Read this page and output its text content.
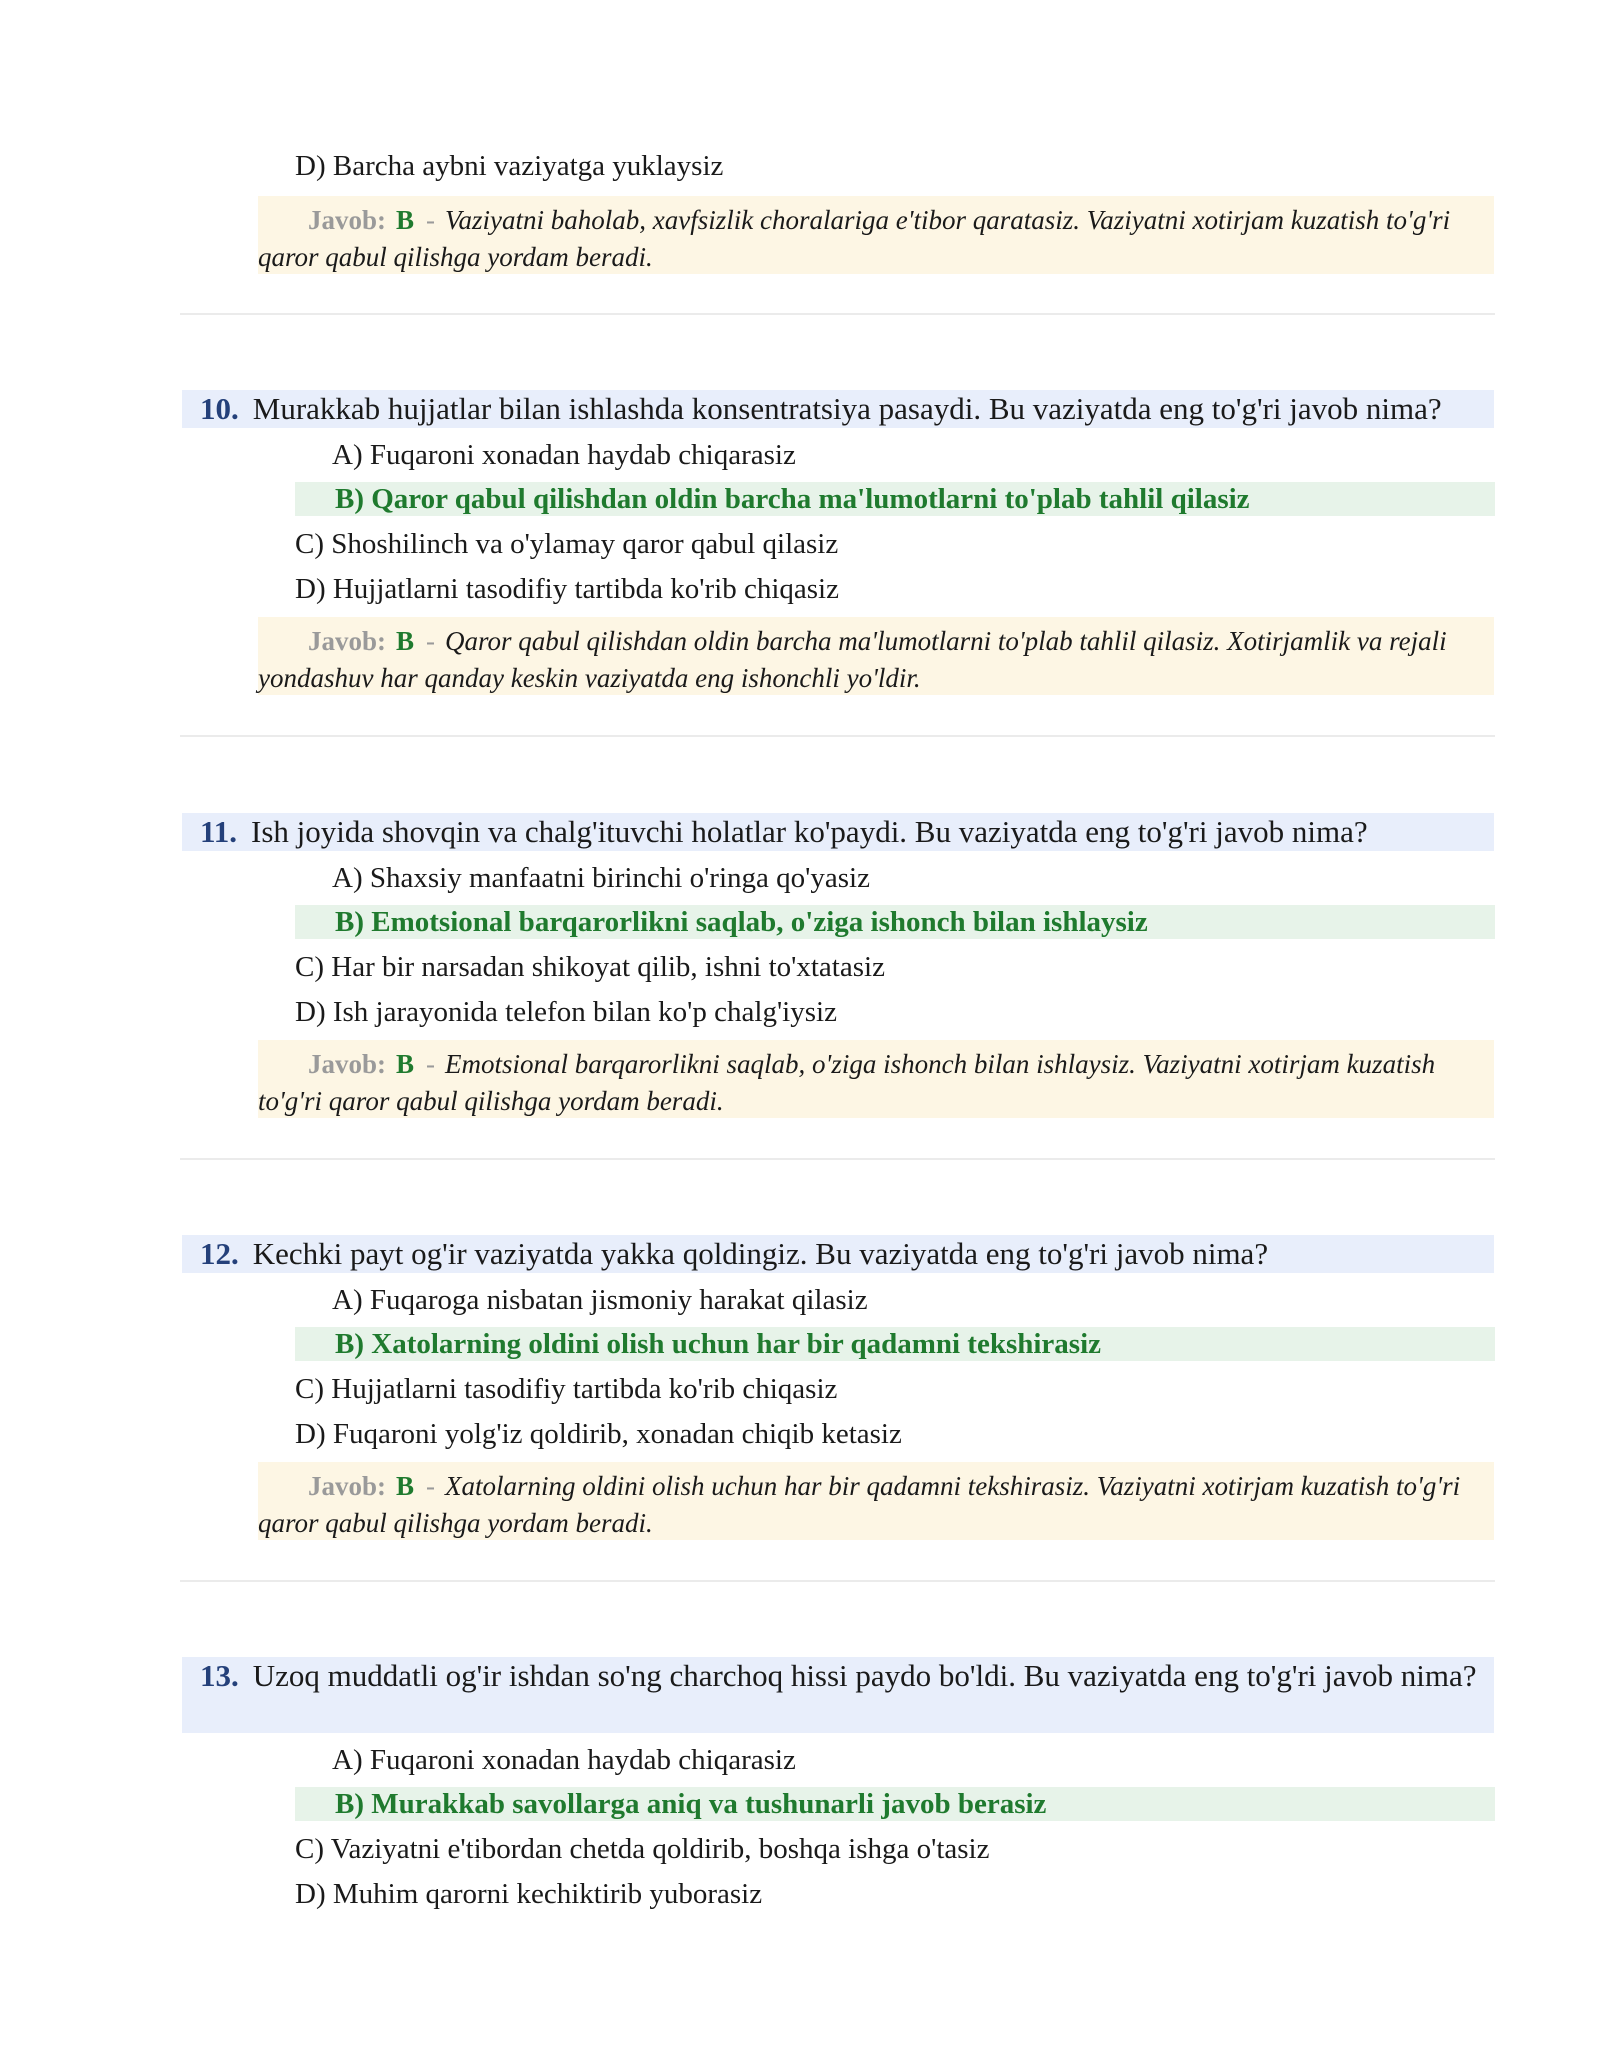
D) Barcha aybni vaziyatga yuklaysiz
Javob: B - Vaziyatni baholab, xavfsizlik choralariga e'tibor qaratasiz. Vaziyatni xotirjam kuzatish to'g'ri qaror qabul qilishga yordam beradi.
10. Murakkab hujjatlar bilan ishlashda konsentratsiya pasaydi. Bu vaziyatda eng to'g'ri javob nima?
A) Fuqaroni xonadan haydab chiqarasiz
B) Qaror qabul qilishdan oldin barcha ma'lumotlarni to'plab tahlil qilasiz
C) Shoshilinch va o'ylamay qaror qabul qilasiz
D) Hujjatlarni tasodifiy tartibda ko'rib chiqasiz
Javob: B - Qaror qabul qilishdan oldin barcha ma'lumotlarni to'plab tahlil qilasiz. Xotirjamlik va rejali yondashuv har qanday keskin vaziyatda eng ishonchli yo'ldir.
11. Ish joyida shovqin va chalg'ituvchi holatlar ko'paydi. Bu vaziyatda eng to'g'ri javob nima?
A) Shaxsiy manfaatni birinchi o'ringa qo'yasiz
B) Emotsional barqarorlikni saqlab, o'ziga ishonch bilan ishlaysiz
C) Har bir narsadan shikoyat qilib, ishni to'xtatasiz
D) Ish jarayonida telefon bilan ko'p chalg'iysiz
Javob: B - Emotsional barqarorlikni saqlab, o'ziga ishonch bilan ishlaysiz. Vaziyatni xotirjam kuzatish to'g'ri qaror qabul qilishga yordam beradi.
12. Kechki payt og'ir vaziyatda yakka qoldingiz. Bu vaziyatda eng to'g'ri javob nima?
A) Fuqaroga nisbatan jismoniy harakat qilasiz
B) Xatolarning oldini olish uchun har bir qadamni tekshirasiz
C) Hujjatlarni tasodifiy tartibda ko'rib chiqasiz
D) Fuqaroni yolg'iz qoldirib, xonadan chiqib ketasiz
Javob: B - Xatolarning oldini olish uchun har bir qadamni tekshirasiz. Vaziyatni xotirjam kuzatish to'g'ri qaror qabul qilishga yordam beradi.
13. Uzoq muddatli og'ir ishdan so'ng charchoq hissi paydo bo'ldi. Bu vaziyatda eng to'g'ri javob nima?
A) Fuqaroni xonadan haydab chiqarasiz
B) Murakkab savollarga aniq va tushunarli javob berasiz
C) Vaziyatni e'tibordan chetda qoldirib, boshqa ishga o'tasiz
D) Muhim qarorni kechiktirib yuborasiz
